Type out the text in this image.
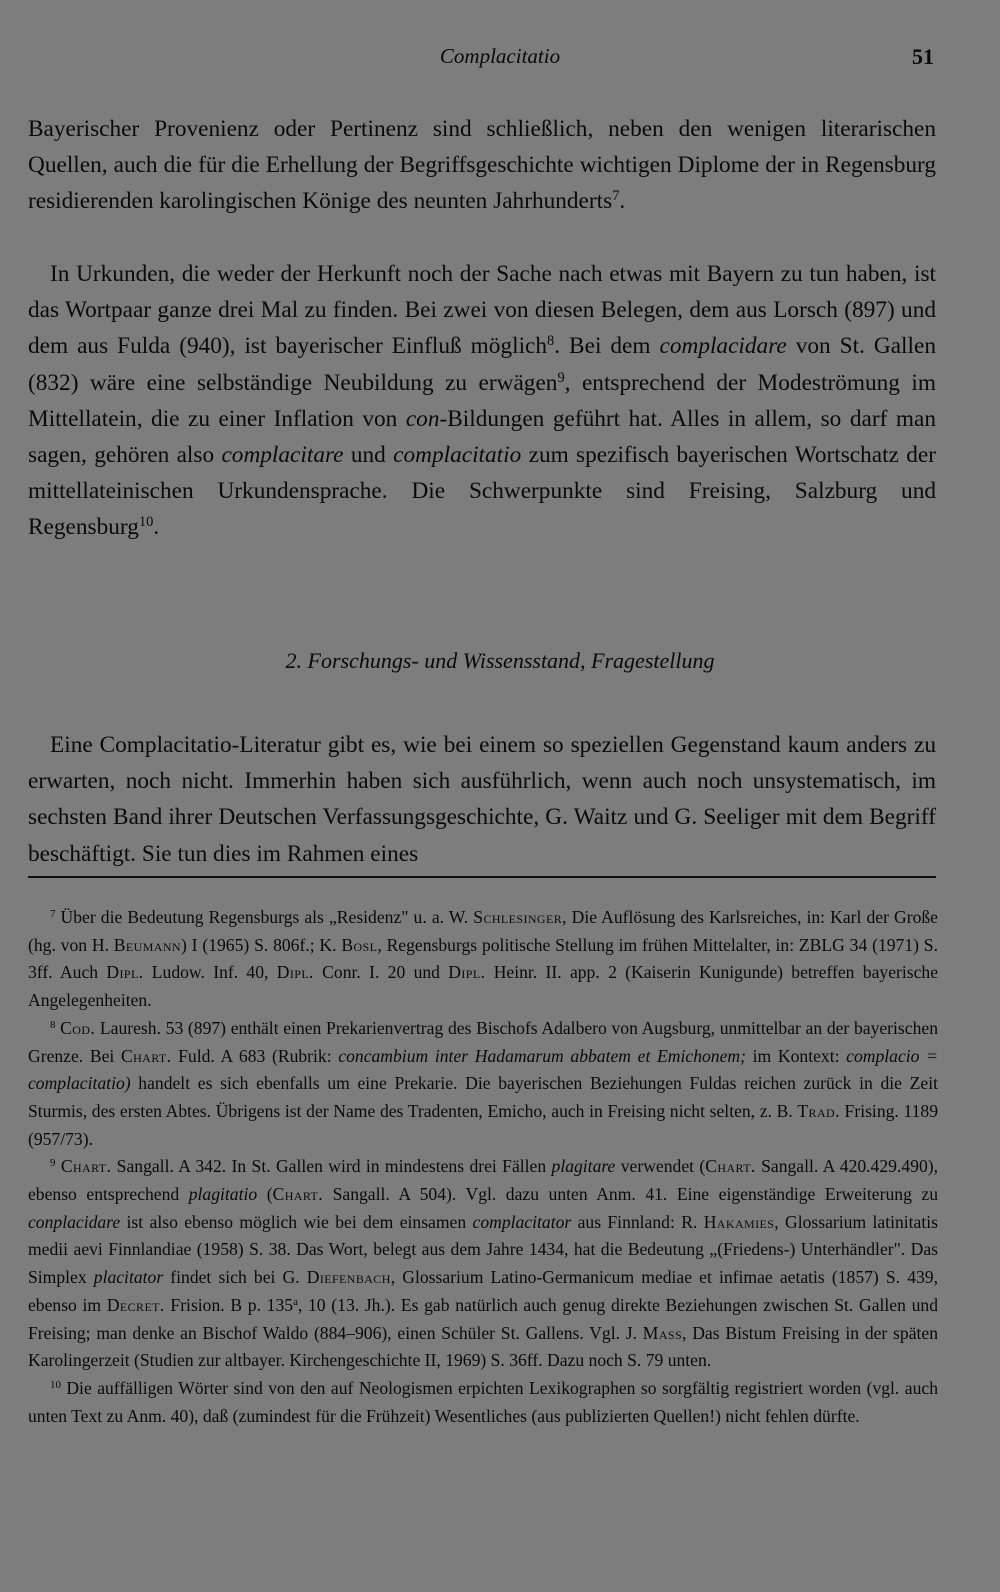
Complacitatio	51

Bayerischer Provenienz oder Pertinenz sind schließlich, neben den wenigen literarischen Quellen, auch die für die Erhellung der Begriffsgeschichte wichtigen Diplome der in Regensburg residierenden karolingischen Könige des neunten Jahrhunderts$^7$.

In Urkunden, die weder der Herkunft noch der Sache nach etwas mit Bayern zu tun haben, ist das Wortpaar ganze drei Mal zu finden. Bei zwei von diesen Belegen, dem aus Lorsch (897) und dem aus Fulda (940), ist bayerischer Einfluß möglich$^8$. Bei dem complacidare von St. Gallen (832) wäre eine selbständige Neubildung zu erwägen$^9$, entsprechend der Modeströmung im Mittellatein, die zu einer Inflation von con-Bildungen geführt hat. Alles in allem, so darf man sagen, gehören also complacitare und complacitatio zum spezifisch bayerischen Wortschatz der mittellateinischen Urkundensprache. Die Schwerpunkte sind Freising, Salzburg und Regensburg$^{10}$.

2. Forschungs- und Wissensstand, Fragestellung

Eine Complacitatio-Literatur gibt es, wie bei einem so speziellen Gegenstand kaum anders zu erwarten, noch nicht. Immerhin haben sich ausführlich, wenn auch noch unsystematisch, im sechsten Band ihrer Deutschen Verfassungsgeschichte, G. Waitz und G. Seeliger mit dem Begriff beschäftigt. Sie tun dies im Rahmen eines

$^7$ Über die Bedeutung Regensburgs als „Residenz" u. a. W. Schlesinger, Die Auflösung des Karlsreiches, in: Karl der Große (hg. von H. Beumann) I (1965) S. 806f.; K. Bosl, Regensburgs politische Stellung im frühen Mittelalter, in: ZBLG 34 (1971) S. 3ff. Auch Dipl. Ludow. Inf. 40, Dipl. Conr. I. 20 und Dipl. Heinr. II. app. 2 (Kaiserin Kunigunde) betreffen bayerische Angelegenheiten.

$^8$ Cod. Lauresh. 53 (897) enthält einen Prekarienvertrag des Bischofs Adalbero von Augsburg, unmittelbar an der bayerischen Grenze. Bei Chart. Fuld. A 683 (Rubrik: concambium inter Hadamarum abbatem et Emichonem; im Kontext: complacio = complacitatio) handelt es sich ebenfalls um eine Prekarie. Die bayerischen Beziehungen Fuldas reichen zurück in die Zeit Sturmis, des ersten Abtes. Übrigens ist der Name des Tradenten, Emicho, auch in Freising nicht selten, z. B. Trad. Frising. 1189 (957/73).

$^9$ Chart. Sangall. A 342. In St. Gallen wird in mindestens drei Fällen plagitare verwendet (Chart. Sangall. A 420.429.490), ebenso entsprechend plagitatio (Chart. Sangall. A 504). Vgl. dazu unten Anm. 41. Eine eigenständige Erweiterung zu conplacidare ist also ebenso möglich wie bei dem einsamen complacitator aus Finnland: R. Hakamies, Glossarium latinitatis medii aevi Finnlandiae (1958) S. 38. Das Wort, belegt aus dem Jahre 1434, hat die Bedeutung „(Friedens-) Unterhändler". Das Simplex placitator findet sich bei G. Diefenbach, Glossarium Latino-Germanicum mediae et infimae aetatis (1857) S. 439, ebenso im Decret. Frision. B p. 135$^a$, 10 (13. Jh.). Es gab natürlich auch genug direkte Beziehungen zwischen St. Gallen und Freising; man denke an Bischof Waldo (884–906), einen Schüler St. Gallens. Vgl. J. Mass, Das Bistum Freising in der späten Karolingerzeit (Studien zur altbayer. Kirchengeschichte II, 1969) S. 36ff. Dazu noch S. 79 unten.

$^{10}$ Die auffälligen Wörter sind von den auf Neologismen erpichten Lexikographen so sorgfältig registriert worden (vgl. auch unten Text zu Anm. 40), daß (zumindest für die Frühzeit) Wesentliches (aus publizierten Quellen!) nicht fehlen dürfte.
